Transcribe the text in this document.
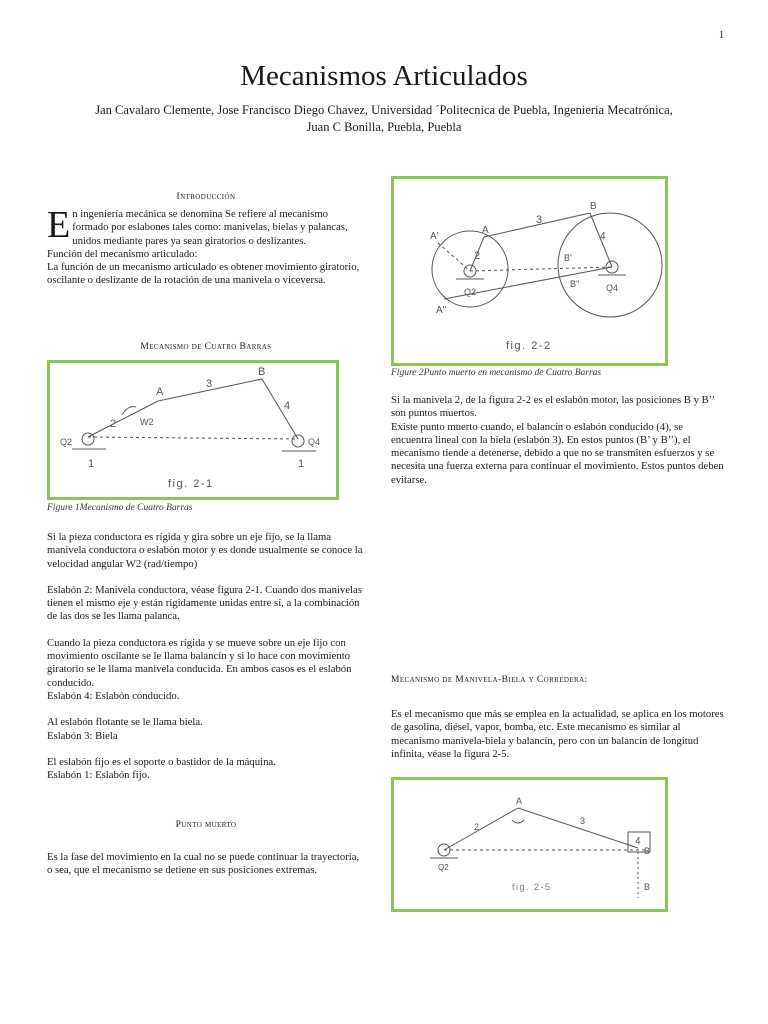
1
Mecanismos Articulados
Jan Cavalaro Clemente, Jose Francisco Diego Chavez, Universidad ´Politecnica de Puebla, Ingenieria Mecatrónica, Juan C Bonilla, Puebla, Puebla
Introducción

En ingeniería mecánica se denomina Se refiere al mecanismo formado por eslabones tales como: manivelas, bielas y palancas, unidos mediante pares ya sean giratorios o deslizantes.

Función del mecanismo articulado:

La función de un mecanismo articulado es obtener movimiento giratorio, oscilante o deslizante de la rotación de una manivela o viceversa.

Mecanismo de Cuatro Barras
A
B
3
4
2	W2
Q2	Q4
1	1
fig. 2-1
Figure 1Mecanismo de Cuatro Barras

Si la pieza conductora es rígida y gira sobre un eje fijo, se la llama manivela conductora o eslabón motor y es donde usualmente se conoce la velocidad angular W2 (rad/tiempo)

Eslabón 2: Manivela conductora, véase figura 2-1. Cuando dos manivelas tienen el mismo eje y están rígidamente unidas entre sí, a la combinación de las dos se les llama palanca.

Cuando la pieza conductora es rígida y se mueve sobre un eje fijo con movimiento oscilante se le llama balancín y si lo hace con movimiento giratorio se le llama manivela conducida. En ambos casos es el eslabón conducido.

Eslabón 4: Eslabón conducido.

Al eslabón flotante se le llama biela.

Eslabón 3: Biela

El eslabón fijo es el soporte o bastidor de la máquina.

Eslabón 1: Eslabón fijo.

Punto muerto

Es la fase del movimiento en la cual no se puede continuar la trayectoria, o sea, que el mecanismo se detiene en sus posiciones extremas.

A'
A
A''
B
3
2
4
B'
B''
Q2	Q4
fig. 2-2
Figure 2Punto muerto en mecanismo de Cuatro Barras

Si la manivela 2, de la figura 2-2 es el eslabón motor, las posiciones B y B’’ son puntos muertos.

Existe punto muerto cuando, el balancín o eslabón conducido (4), se encuentra lineal con la biela (eslabón 3). En estos puntos (B’ y B’’), el mecanismo tiende a detenerse, debido a que no se transmiten esfuerzos y se necesita una fuerza externa para continuar el movimiento. Estos puntos deben evitarse.

Mecanismo de Manivela-Biela y Corredera:

Es el mecanismo que más se emplea en la actualidad, se aplica en los motores de gasolina, diésel, vapor, bomba, etc. Este mecanismo es similar al mecanismo manivela-biela y balancín, pero con un balancín de longitud infinita, véase la figura 2-5.

A
2
3
4
B
Q2
B
fig. 2-5
